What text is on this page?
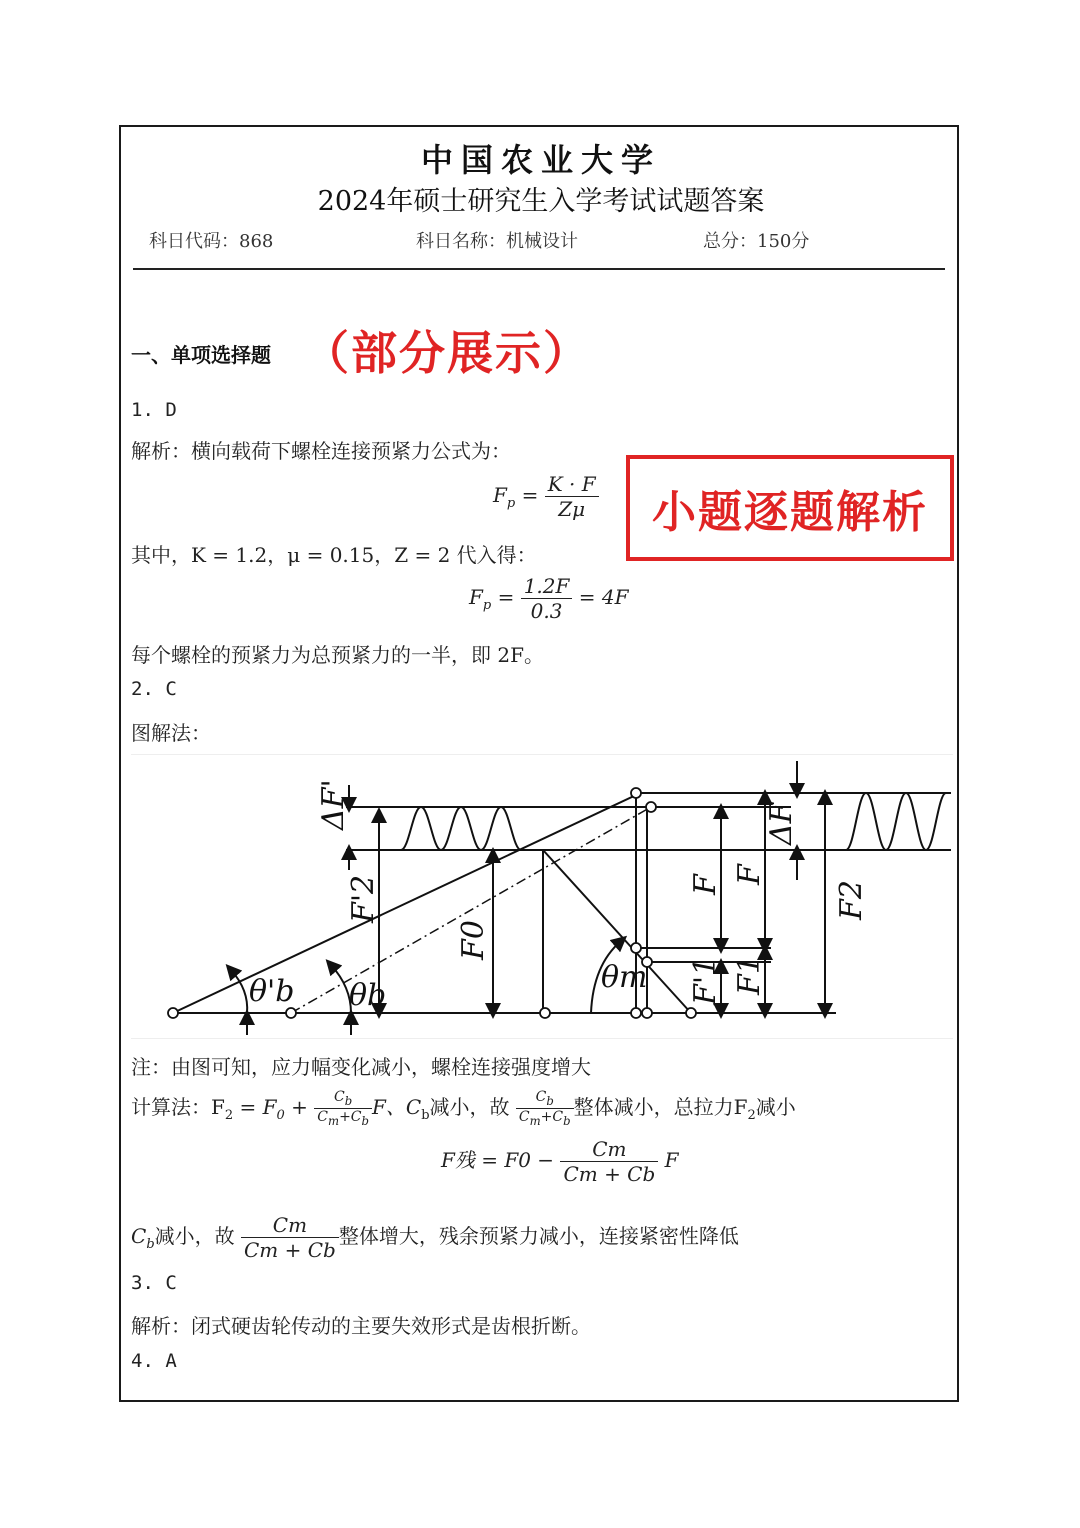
中国农业大学
2024年硕士研究生入学考试试题答案
科日代码：868	科日名称：机械设计	总分：150分
一、单项选择题 （部分展示）
1. D
解析：横向载荷下螺栓连接预紧力公式为：
$F_p = \frac{K \cdot F}{Z\mu}$	小题逐题解析
其中，K = 1.2，μ = 0.15，Z = 2 代入得：
$F_p = \frac{1.2F}{0.3} = 4F$
每个螺栓的预紧力为总预紧力的一半，即 2F。
2. C
图解法：
ΔF'
F'2
F0
F F
ΔF
F2
F'1 F1
θ'b θb
θm
注：由图可知，应力幅变化减小，螺栓连接强度增大
计算法：$F_2 = F_0 + \frac{C_b}{C_m+C_b}$ F、$C_b$减小，故 $\frac{C_b}{C_m+C_b}$ 整体减小，总拉力$F_2$减小
F残 = $F0 - \frac{Cm}{Cm + Cb}$ F
$C_b$减小，故 $\frac{Cm}{Cm + Cb}$ 整体增大，残余预紧力减小，连接紧密性降低
3. C
解析：闭式硬齿轮传动的主要失效形式是齿根折断。
4. A
